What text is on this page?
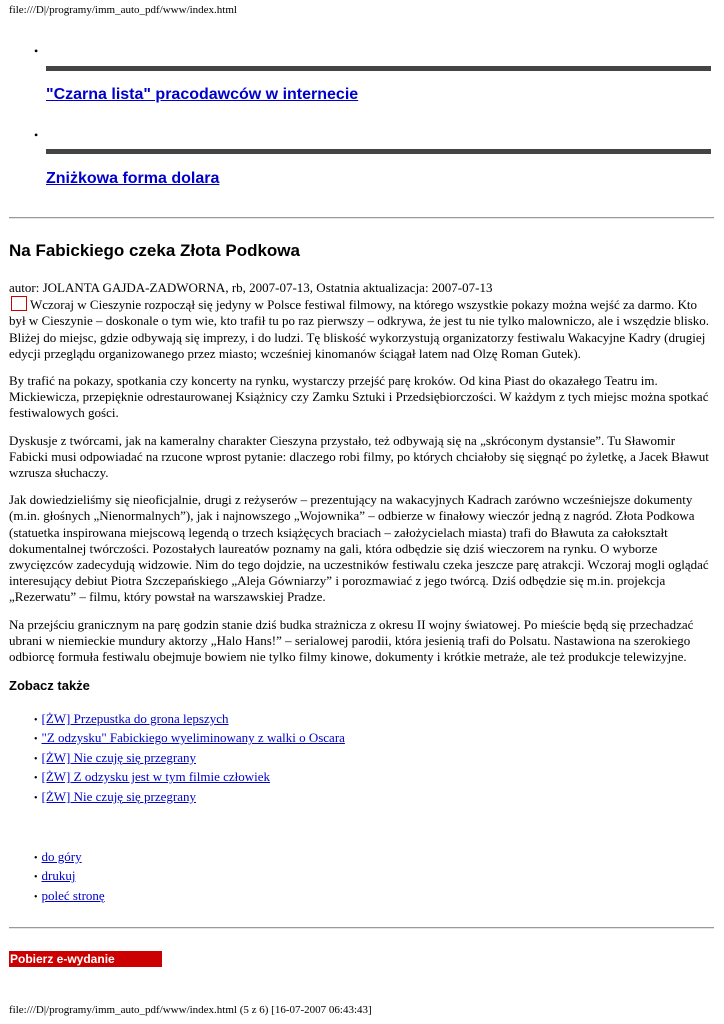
file:///D|/programy/imm_auto_pdf/www/index.html
•
"Czarna lista" pracodawców w internecie
•
Zniżkowa forma dolara
Na Fabickiego czeka Złota Podkowa
autor: JOLANTA GAJDA-ZADWORNA, rb, 2007-07-13, Ostatnia aktualizacja: 2007-07-13

Wczoraj w Cieszynie rozpoczął się jedyny w Polsce festiwal filmowy, na którego wszystkie pokazy można wejść za darmo. Kto był w Cieszynie – doskonale o tym wie, kto trafił tu po raz pierwszy – odkrywa, że jest tu nie tylko malowniczo, ale i wszędzie blisko. Bliżej do miejsc, gdzie odbywają się imprezy, i do ludzi. Tę bliskość wykorzystują organizatorzy festiwalu Wakacyjne Kadry (drugiej edycji przeglądu organizowanego przez miasto; wcześniej kinomanów ściągał latem nad Olzę Roman Gutek).

By trafić na pokazy, spotkania czy koncerty na rynku, wystarczy przejść parę kroków. Od kina Piast do okazałego Teatru im. Mickiewicza, przepięknie odrestaurowanej Książnicy czy Zamku Sztuki i Przedsiębiorczości. W każdym z tych miejsc można spotkać festiwalowych gości.

Dyskusje z twórcami, jak na kameralny charakter Cieszyna przystało, też odbywają się na „skróconym dystansie”. Tu Sławomir Fabicki musi odpowiadać na rzucone wprost pytanie: dlaczego robi filmy, po których chciałoby się sięgnąć po żyletkę, a Jacek Bławut wzrusza słuchaczy.

Jak dowiedzieliśmy się nieoficjalnie, drugi z reżyserów – prezentujący na wakacyjnych Kadrach zarówno wcześniejsze dokumenty (m.in. głośnych „Nienormalnych”), jak i najnowszego „Wojownika” – odbierze w finałowy wieczór jedną z nagród. Złota Podkowa (statuetka inspirowana miejscową legendą o trzech książęcych braciach – założycielach miasta) trafi do Bławuta za całokształt dokumentalnej twórczości. Pozostałych laureatów poznamy na gali, która odbędzie się dziś wieczorem na rynku. O wyborze zwycięzców zadecydują widzowie. Nim do tego dojdzie, na uczestników festiwalu czeka jeszcze parę atrakcji. Wczoraj mogli oglądać interesujący debiut Piotra Szczepańskiego „Aleja Gówniarzy” i porozmawiać z jego twórcą. Dziś odbędzie się m.in. projekcja „Rezerwatu” – filmu, który powstał na warszawskiej Pradze.

Na przejściu granicznym na parę godzin stanie dziś budka strażnicza z okresu II wojny światowej. Po mieście będą się przechadzać ubrani w niemieckie mundury aktorzy „Halo Hans!” – serialowej parodii, która jesienią trafi do Polsatu. Nastawiona na szerokiego odbiorcę formuła festiwalu obejmuje bowiem nie tylko filmy kinowe, dokumenty i krótkie metraże, ale też produkcje telewizyjne.

Zobacz także
• [ŻW] Przepustka do grona lepszych
• "Z odzysku" Fabickiego wyeliminowany z walki o Oscara
• [ŻW] Nie czuję się przegrany
• [ŻW] Z odzysku jest w tym filmie człowiek
• [ŻW] Nie czuję się przegrany
• do góry
• drukuj
• poleć stronę
Pobierz e-wydanie
file:///D|/programy/imm_auto_pdf/www/index.html (5 z 6) [16-07-2007 06:43:43]
